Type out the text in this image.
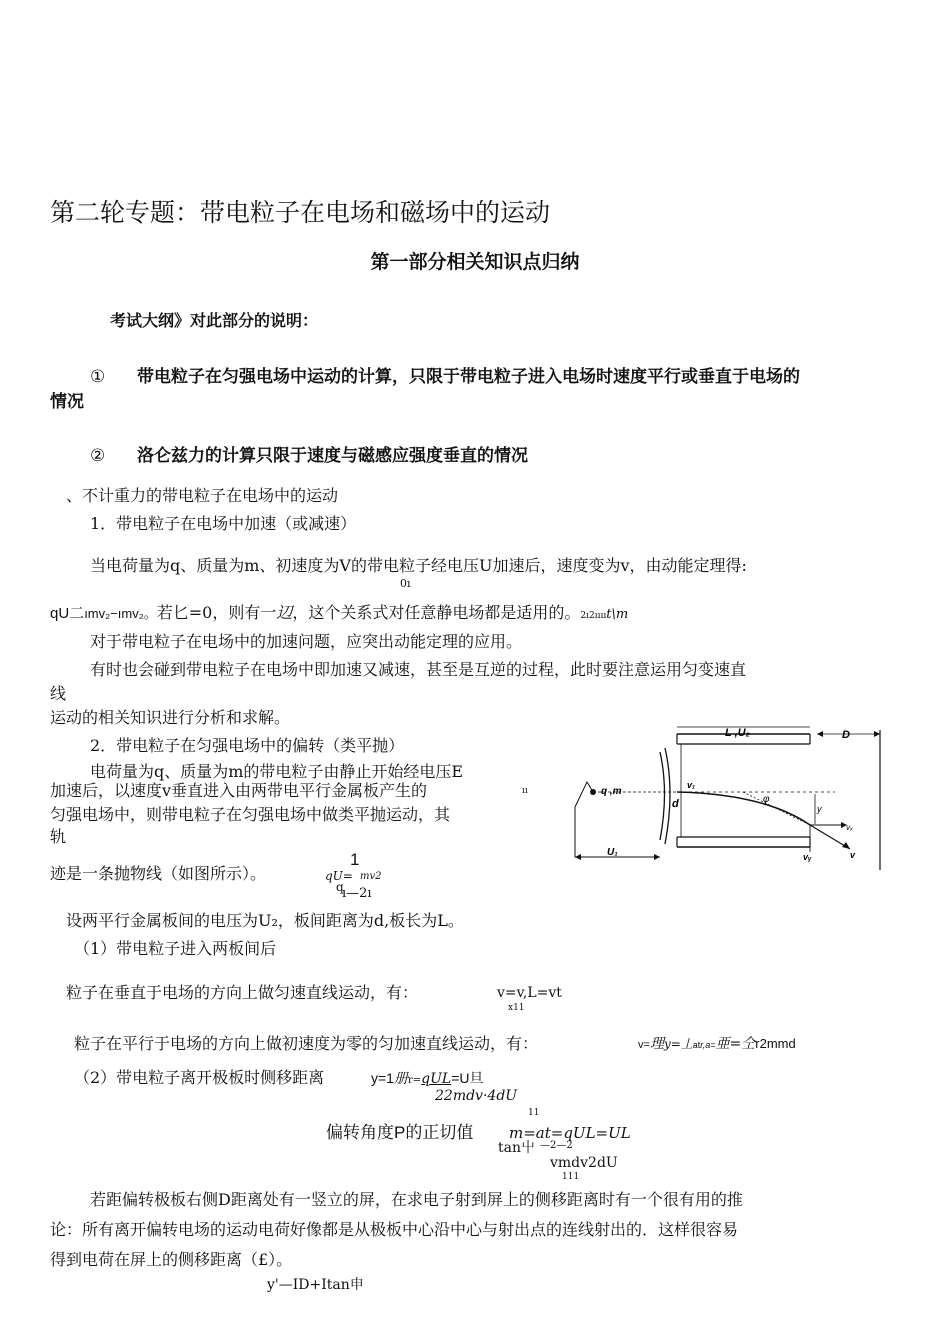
第二轮专题：带电粒子在电场和磁场中的运动
第一部分相关知识点归纳
考试大纲》对此部分的说明：
① 带电粒子在匀强电场中运动的计算，只限于带电粒子进入电场时速度平行或垂直于电场的
情况
② 洛仑兹力的计算只限于速度与磁感应强度垂直的情况
、不计重力的带电粒子在电场中的运动
1．带电粒子在电场中加速（或减速）
当电荷量为q、质量为m、初速度为V的带电粒子经电压U加速后，速度变为v，由动能定理得:
0ı
qU二ımv₂−ımv₂。若匕=0，则有一辺，这个关系式对任意静电场都是适用的。2ı2ııııt\m
对于带电粒子在电场中的加速问题，应突出动能定理的应用。
有时也会碰到带电粒子在电场中即加速又减速，甚至是互逆的过程，此时要注意运用匀变速直
线
运动的相关知识进行分析和求解。
2．带电粒子在匀强电场中的偏转（类平抛）
电荷量为q、质量为m的带电粒子由静止开始经电压E
加速后，以速度v垂直进入由两带电平行金属板产生的	ıı
匀强电场中，则带电粒子在匀强电场中做类平抛运动，其
轨
迹是一条抛物线（如图所示）。
1
qU= mv2
q
ı—2ı
设两平行金属板间的电压为U₂，板间距离为d,板长为L。
（1）带电粒子进入两板间后
粒子在垂直于电场的方向上做匀速直线运动，有：	v=v,L=vt
x11
粒子在平行于电场的方向上做初速度为零的匀加速直线运动，有：	v=理y=丄atr,a=亜=仝r2mmd
（2）带电粒子离开极板时侧移距离	y=1册r=qUL=U旦
22mdv·4dU
11
偏转角度P的正切值
tan屮
m=at=qUL=UL
—2—2
vmdv2dU
111
若距偏转极板右侧D距离处有一竖立的屏，在求电子射到屏上的侧移距离时有一个很有用的推
论：所有离开偏转电场的运动电荷好像都是从极板中心沿中心与射出点的连线射出的．这样很容易
得到电荷在屏上的侧移距离（£）。
y'—ID+Itan申
L ,U₂	D
q ,m
d
v₁
φ
y
vₓ
U₁	vᵧ	v
